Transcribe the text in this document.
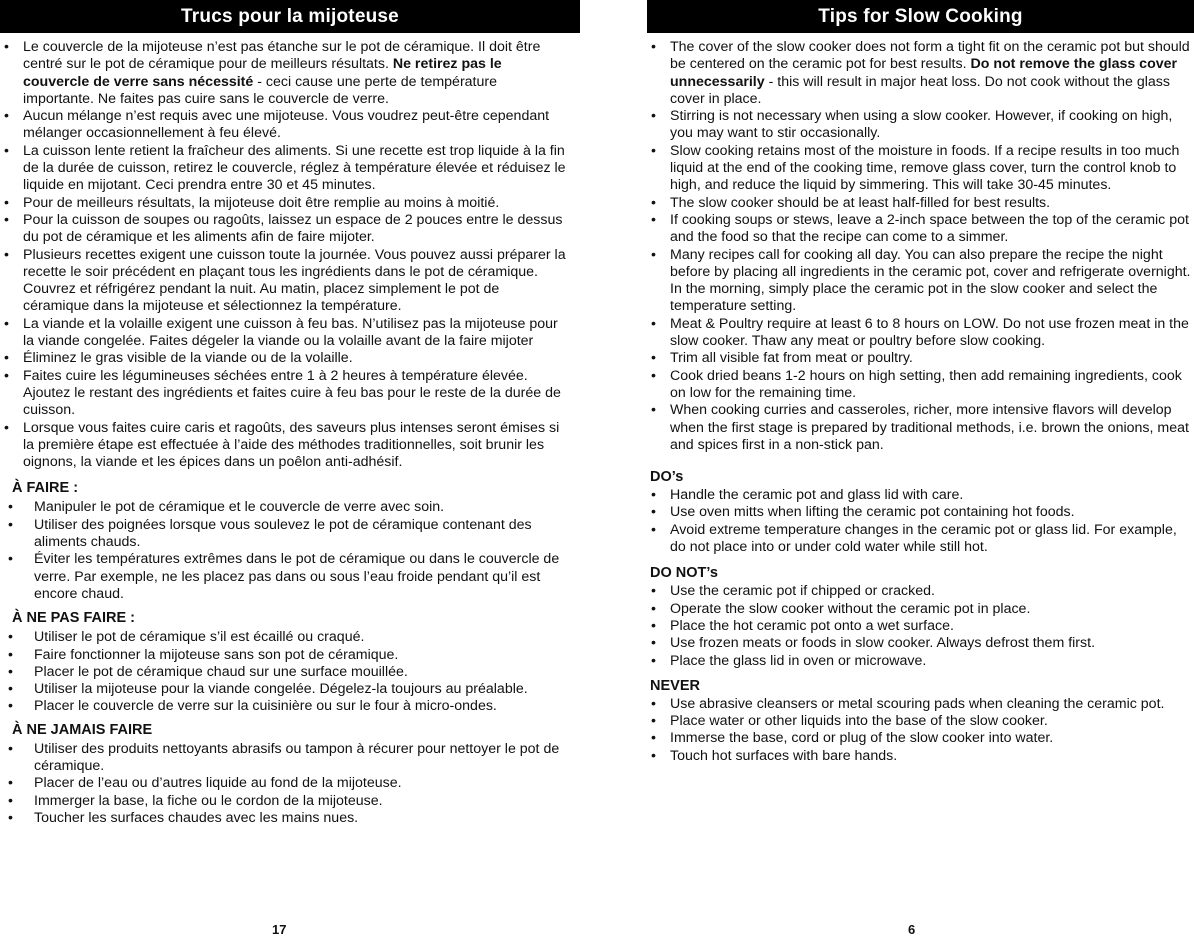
Trucs pour la mijoteuse
• Le couvercle de la mijoteuse n’est pas étanche sur le pot de céramique. Il doit être centré sur le pot de céramique pour de meilleurs résultats. Ne retirez pas le couvercle de verre sans nécessité - ceci cause une perte de température importante. Ne faites pas cuire sans le couvercle de verre.
• Aucun mélange n’est requis avec une mijoteuse. Vous voudrez peut-être cependant mélanger occasionnellement à feu élevé.
• La cuisson lente retient la fraîcheur des aliments. Si une recette est trop liquide à la fin de la durée de cuisson, retirez le couvercle, réglez à température élevée et réduisez le liquide en mijotant. Ceci prendra entre 30 et 45 minutes.
• Pour de meilleurs résultats, la mijoteuse doit être remplie au moins à moitié.
• Pour la cuisson de soupes ou ragoûts, laissez un espace de 2 pouces entre le dessus du pot de céramique et les aliments afin de faire mijoter.
• Plusieurs recettes exigent une cuisson toute la journée. Vous pouvez aussi préparer la recette le soir précédent en plaçant tous les ingrédients dans le pot de céramique. Couvrez et réfrigérez pendant la nuit. Au matin, placez simplement le pot de céramique dans la mijoteuse et sélectionnez la température.
• La viande et la volaille exigent une cuisson à feu bas. N’utilisez pas la mijoteuse pour la viande congelée. Faites dégeler la viande ou la volaille avant de la faire mijoter
• Éliminez le gras visible de la viande ou de la volaille.
• Faites cuire les légumineuses séchées entre 1 à 2 heures à température élevée. Ajoutez le restant des ingrédients et faites cuire à feu bas pour le reste de la durée de cuisson.
• Lorsque vous faites cuire caris et ragoûts, des saveurs plus intenses seront émises si la première étape est effectuée à l’aide des méthodes traditionnelles, soit brunir les oignons, la viande et les épices dans un poêlon anti-adhésif.
À FAIRE :
• Manipuler le pot de céramique et le couvercle de verre avec soin.
• Utiliser des poignées lorsque vous soulevez le pot de céramique contenant des aliments chauds.
• Éviter les températures extrêmes dans le pot de céramique ou dans le couvercle de verre. Par exemple, ne les placez pas dans ou sous l’eau froide pendant qu’il est encore chaud.
À NE PAS FAIRE :
• Utiliser le pot de céramique s’il est écaillé ou craqué.
• Faire fonctionner la mijoteuse sans son pot de céramique.
• Placer le pot de céramique chaud sur une surface mouillée.
• Utiliser la mijoteuse pour la viande congelée. Dégelez-la toujours au préalable.
• Placer le couvercle de verre sur la cuisinière ou sur le four à micro-ondes.
À NE JAMAIS FAIRE
• Utiliser des produits nettoyants abrasifs ou tampon à récurer pour nettoyer le pot de céramique.
• Placer de l’eau ou d’autres liquide au fond de la mijoteuse.
• Immerger la base, la fiche ou le cordon de la mijoteuse.
• Toucher les surfaces chaudes avec les mains nues.
17
Tips for Slow Cooking
• The cover of the slow cooker does not form a tight fit on the ceramic pot but should be centered on the ceramic pot for best results. Do not remove the glass cover unnecessarily - this will result in major heat loss. Do not cook without the glass cover in place.
• Stirring is not necessary when using a slow cooker. However, if cooking on high, you may want to stir occasionally.
• Slow cooking retains most of the moisture in foods. If a recipe results in too much liquid at the end of the cooking time, remove glass cover, turn the control knob to high, and reduce the liquid by simmering. This will take 30-45 minutes.
• The slow cooker should be at least half-filled for best results.
• If cooking soups or stews, leave a 2-inch space between the top of the ceramic pot and the food so that the recipe can come to a simmer.
• Many recipes call for cooking all day. You can also prepare the recipe the night before by placing all ingredients in the ceramic pot, cover and refrigerate overnight. In the morning, simply place the ceramic pot in the slow cooker and select the temperature setting.
• Meat & Poultry require at least 6 to 8 hours on LOW. Do not use frozen meat in the slow cooker. Thaw any meat or poultry before slow cooking.
• Trim all visible fat from meat or poultry.
• Cook dried beans 1-2 hours on high setting, then add remaining ingredients, cook on low for the remaining time.
• When cooking curries and casseroles, richer, more intensive flavors will develop when the first stage is prepared by traditional methods, i.e. brown the onions, meat and spices first in a non-stick pan.
DO’s
• Handle the ceramic pot and glass lid with care.
• Use oven mitts when lifting the ceramic pot containing hot foods.
• Avoid extreme temperature changes in the ceramic pot or glass lid. For example, do not place into or under cold water while still hot.
DO NOT’s
• Use the ceramic pot if chipped or cracked.
• Operate the slow cooker without the ceramic pot in place.
• Place the hot ceramic pot onto a wet surface.
• Use frozen meats or foods in slow cooker. Always defrost them first.
• Place the glass lid in oven or microwave.
NEVER
• Use abrasive cleansers or metal scouring pads when cleaning the ceramic pot.
• Place water or other liquids into the base of the slow cooker.
• Immerse the base, cord or plug of the slow cooker into water.
• Touch hot surfaces with bare hands.
6
